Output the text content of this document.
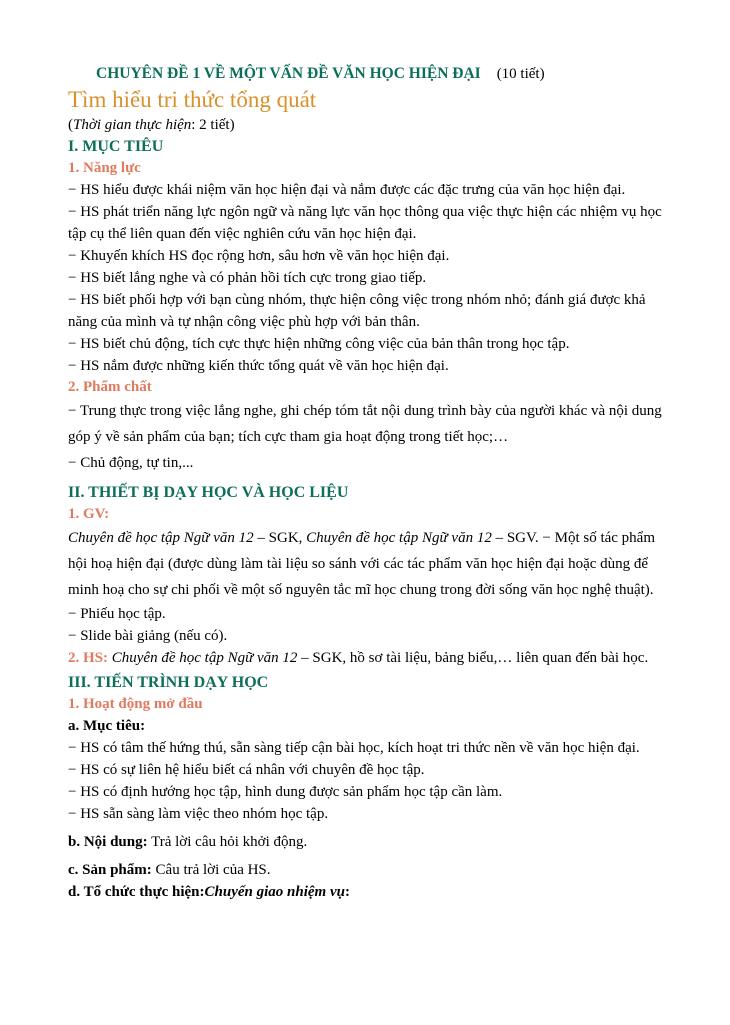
CHUYÊN ĐỀ 1 VỀ MỘT VẤN ĐỀ VĂN HỌC HIỆN ĐẠI (10 tiết)

Tìm hiểu tri thức tổng quát

(Thời gian thực hiện: 2 tiết)

I. MỤC TIÊU

1. Năng lực

− HS hiểu được khái niệm văn học hiện đại và nắm được các đặc trưng của văn học hiện đại.

− HS phát triển năng lực ngôn ngữ và năng lực văn học thông qua việc thực hiện các nhiệm vụ học tập cụ thể liên quan đến việc nghiên cứu văn học hiện đại.

− Khuyến khích HS đọc rộng hơn, sâu hơn về văn học hiện đại.

− HS biết lắng nghe và có phản hồi tích cực trong giao tiếp.

− HS biết phối hợp với bạn cùng nhóm, thực hiện công việc trong nhóm nhỏ; đánh giá được khả năng của mình và tự nhận công việc phù hợp với bản thân.

− HS biết chủ động, tích cực thực hiện những công việc của bản thân trong học tập.

− HS nắm được những kiến thức tổng quát về văn học hiện đại.

2. Phẩm chất

− Trung thực trong việc lắng nghe, ghi chép tóm tắt nội dung trình bày của người khác và nội dung góp ý về sản phẩm của bạn; tích cực tham gia hoạt động trong tiết học;…

− Chủ động, tự tin,...

II. THIẾT BỊ DẠY HỌC VÀ HỌC LIỆU

1. GV:

Chuyên đề học tập Ngữ văn 12 – SGK, Chuyên đề học tập Ngữ văn 12 – SGV. − Một số tác phẩm hội hoạ hiện đại (được dùng làm tài liệu so sánh với các tác phẩm văn học hiện đại hoặc dùng để minh hoạ cho sự chi phối về một số nguyên tắc mĩ học chung trong đời sống văn học nghệ thuật).

− Phiếu học tập.

− Slide bài giảng (nếu có).

2. HS: Chuyên đề học tập Ngữ văn 12 – SGK, hồ sơ tài liệu, bảng biểu,… liên quan đến bài học.

III. TIẾN TRÌNH DẠY HỌC

1. Hoạt động mở đầu

a. Mục tiêu:

− HS có tâm thế hứng thú, sẵn sàng tiếp cận bài học, kích hoạt tri thức nền về văn học hiện đại.

− HS có sự liên hệ hiểu biết cá nhân với chuyên đề học tập.

− HS có định hướng học tập, hình dung được sản phẩm học tập cần làm.

− HS sẵn sàng làm việc theo nhóm học tập.

b. Nội dung: Trả lời câu hỏi khởi động.

c. Sản phẩm: Câu trả lời của HS.

d. Tổ chức thực hiện:Chuyển giao nhiệm vụ:
